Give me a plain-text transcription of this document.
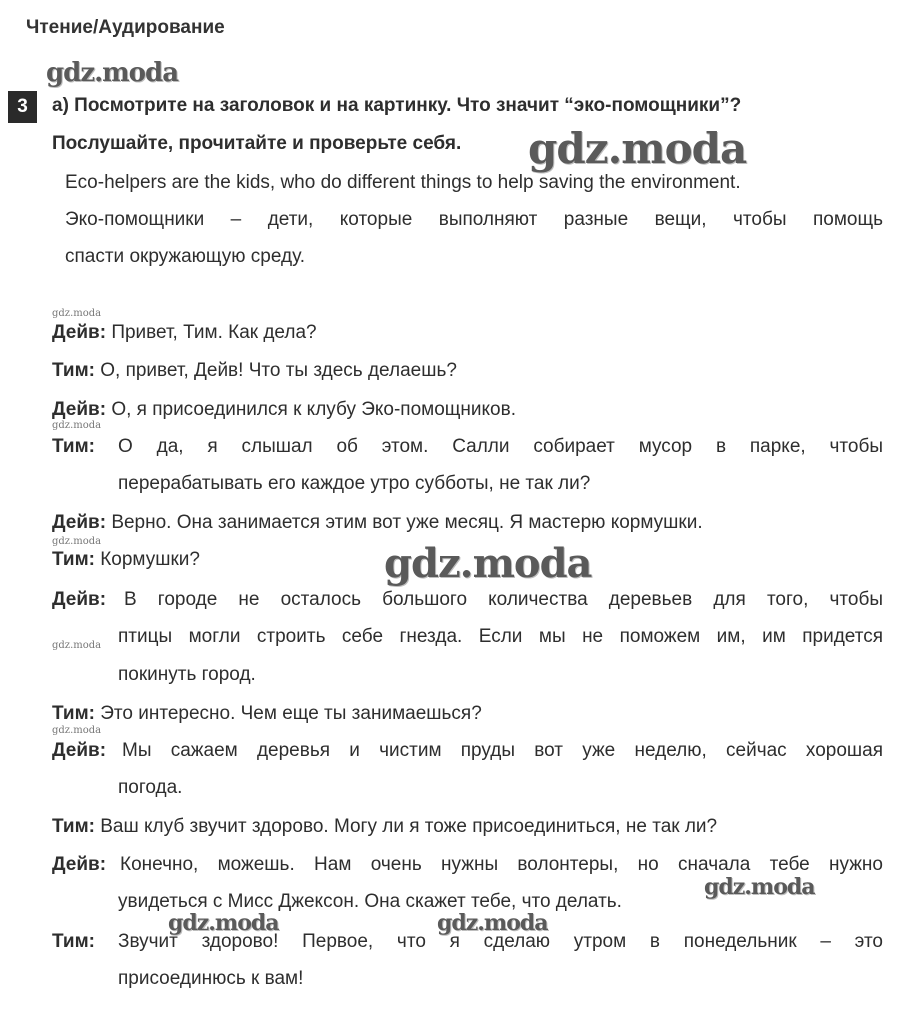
Чтение/Аудирование
3	a) Посмотрите на заголовок и на картинку. Что значит “эко-помощники”?
Послушайте, прочитайте и проверьте себя.
Eco-helpers are the kids, who do different things to help saving the environment.
Эко-помощники – дети, которые выполняют разные вещи, чтобы помощь
спасти окружающую среду.
Дейв: Привет, Тим. Как дела?
Тим: О, привет, Дейв! Что ты здесь делаешь?
Дейв: О, я присоединился к клубу Эко-помощников.
Тим: О да, я слышал об этом. Салли собирает мусор в парке, чтобы
перерабатывать его каждое утро субботы, не так ли?
Дейв: Верно. Она занимается этим вот уже месяц. Я мастерю кормушки.
Тим: Кормушки?
Дейв: В городе не осталось большого количества деревьев для того, чтобы
птицы могли строить себе гнезда. Если мы не поможем им, им придется
покинуть город.
Тим: Это интересно. Чем еще ты занимаешься?
Дейв: Мы сажаем деревья и чистим пруды вот уже неделю, сейчас хорошая
погода.
Тим: Ваш клуб звучит здорово. Могу ли я тоже присоединиться, не так ли?
Дейв: Конечно, можешь. Нам очень нужны волонтеры, но сначала тебе нужно
увидеться с Мисс Джексон. Она скажет тебе, что делать.
Тим: Звучит здорово! Первое, что я сделаю утром в понедельник – это
присоединюсь к вам!
gdz.moda
gdz.moda
gdz.moda
gdz.moda
gdz.moda	gdz.moda
gdz.moda
gdz.moda
gdz.moda
gdz.moda
gdz.moda
